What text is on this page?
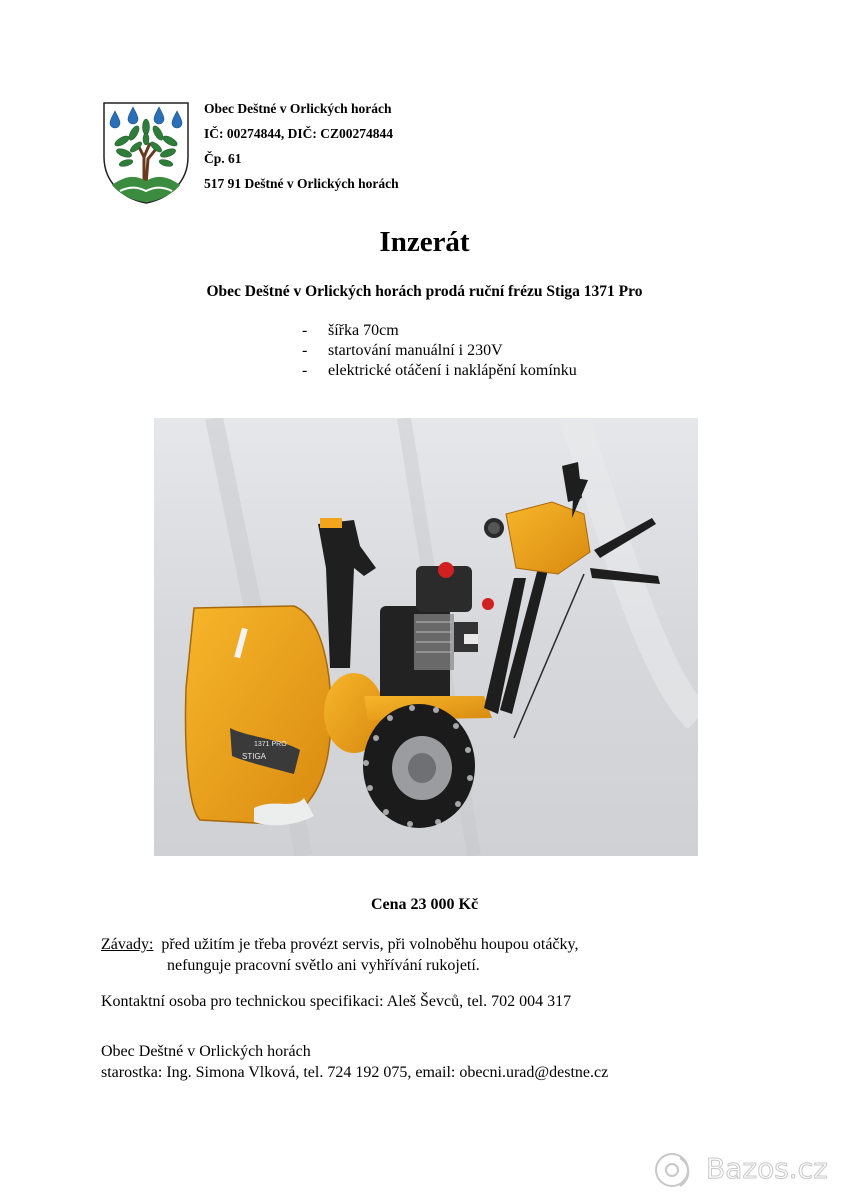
Obec Deštné v Orlických horách
IČ: 00274844, DIČ: CZ00274844
Čp. 61
517 91 Deštné v Orlických horách
Inzerát
Obec Deštné v Orlických horách prodá ruční frézu Stiga 1371 Pro
- šířka 70cm
- startování manuální i 230V
- elektrické otáčení i naklápění komínku
STIGA
1371 PRO
Cena 23 000 Kč
Závady: před užitím je třeba provézt servis, při volnoběhu houpou otáčky,
nefunguje pracovní světlo ani vyhřívání rukojetí.
Kontaktní osoba pro technickou specifikaci: Aleš Ševců, tel. 702 004 317
Obec Deštné v Orlických horách
starostka: Ing. Simona Vlková, tel. 724 192 075, email: obecni.urad@destne.cz
Bazos.cz
